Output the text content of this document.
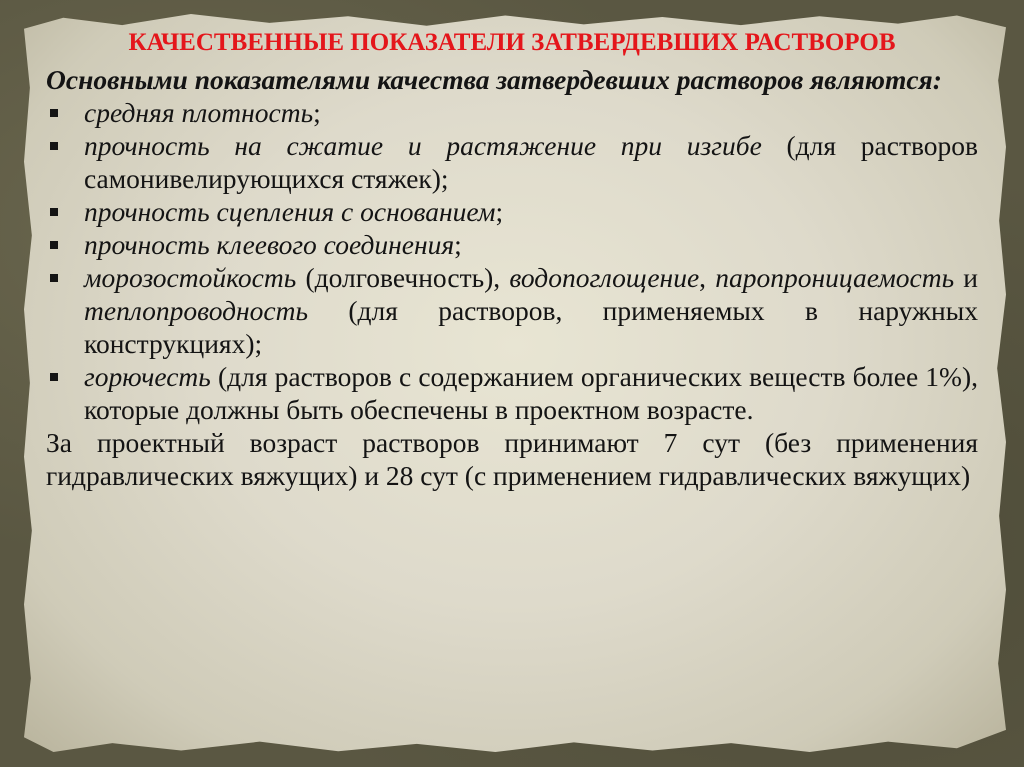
КАЧЕСТВЕННЫЕ ПОКАЗАТЕЛИ ЗАТВЕРДЕВШИХ РАСТВОРОВ

Основными показателями качества затвердевших растворов являются:

средняя плотность;
прочность на сжатие и растяжение при изгибе (для растворов самонивелирующихся стяжек);
прочность сцепления с основанием;
прочность клеевого соединения;
морозостойкость (долговечность), водопоглощение, паропроницаемость и теплопроводность (для растворов, применяемых в наружных конструкциях);
горючесть (для растворов с содержанием органических веществ более 1%), которые должны быть обеспечены в проектном возрасте.

За проектный возраст растворов принимают 7 сут (без применения гидравлических вяжущих) и 28 сут (с применением гидравлических вяжущих)
